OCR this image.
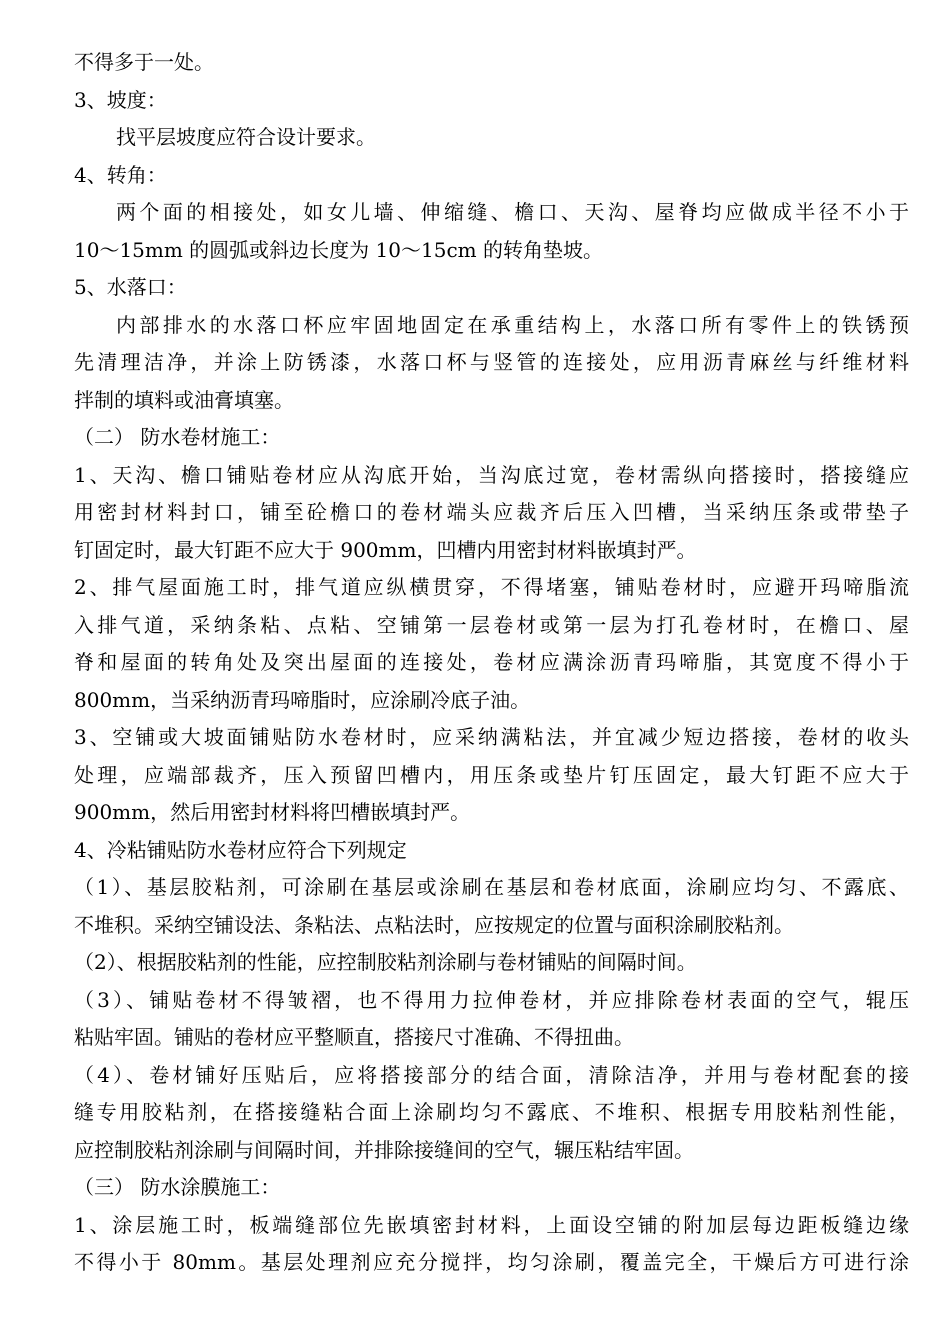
不得多于一处。
3、坡度：
找平层坡度应符合设计要求。
4、转角：
两个面的相接处，如女儿墙、伸缩缝、檐口、天沟、屋脊均应做成半径不小于
10～15mm 的圆弧或斜边长度为 10～15cm 的转角垫坡。
5、水落口：
内部排水的水落口杯应牢固地固定在承重结构上，水落口所有零件上的铁锈预
先清理洁净，并涂上防锈漆，水落口杯与竖管的连接处，应用沥青麻丝与纤维材料
拌制的填料或油膏填塞。
（二） 防水卷材施工：
1、天沟、檐口铺贴卷材应从沟底开始，当沟底过宽，卷材需纵向搭接时，搭接缝应
用密封材料封口，铺至砼檐口的卷材端头应裁齐后压入凹槽，当采纳压条或带垫子
钉固定时，最大钉距不应大于 900mm，凹槽内用密封材料嵌填封严。
2、排气屋面施工时，排气道应纵横贯穿，不得堵塞，铺贴卷材时，应避开玛啼脂流
入排气道，采纳条粘、点粘、空铺第一层卷材或第一层为打孔卷材时，在檐口、屋
脊和屋面的转角处及突出屋面的连接处，卷材应满涂沥青玛啼脂，其宽度不得小于
800mm，当采纳沥青玛啼脂时，应涂刷冷底子油。
3、空铺或大坡面铺贴防水卷材时，应采纳满粘法，并宜减少短边搭接，卷材的收头
处理，应端部裁齐，压入预留凹槽内，用压条或垫片钉压固定，最大钉距不应大于
900mm，然后用密封材料将凹槽嵌填封严。
4、冷粘铺贴防水卷材应符合下列规定
（1）、基层胶粘剂，可涂刷在基层或涂刷在基层和卷材底面，涂刷应均匀、不露底、
不堆积。采纳空铺设法、条粘法、点粘法时，应按规定的位置与面积涂刷胶粘剂。
（2）、根据胶粘剂的性能，应控制胶粘剂涂刷与卷材铺贴的间隔时间。
（3）、铺贴卷材不得皱褶，也不得用力拉伸卷材，并应排除卷材表面的空气，辊压
粘贴牢固。铺贴的卷材应平整顺直，搭接尺寸准确、不得扭曲。
（4）、卷材铺好压贴后，应将搭接部分的结合面，清除洁净，并用与卷材配套的接
缝专用胶粘剂，在搭接缝粘合面上涂刷均匀不露底、不堆积、根据专用胶粘剂性能，
应控制胶粘剂涂刷与间隔时间，并排除接缝间的空气，辗压粘结牢固。
（三） 防水涂膜施工：
1、涂层施工时，板端缝部位先嵌填密封材料，上面设空铺的附加层每边距板缝边缘
不得小于 80mm。基层处理剂应充分搅拌，均匀涂刷，覆盖完全，干燥后方可进行涂
